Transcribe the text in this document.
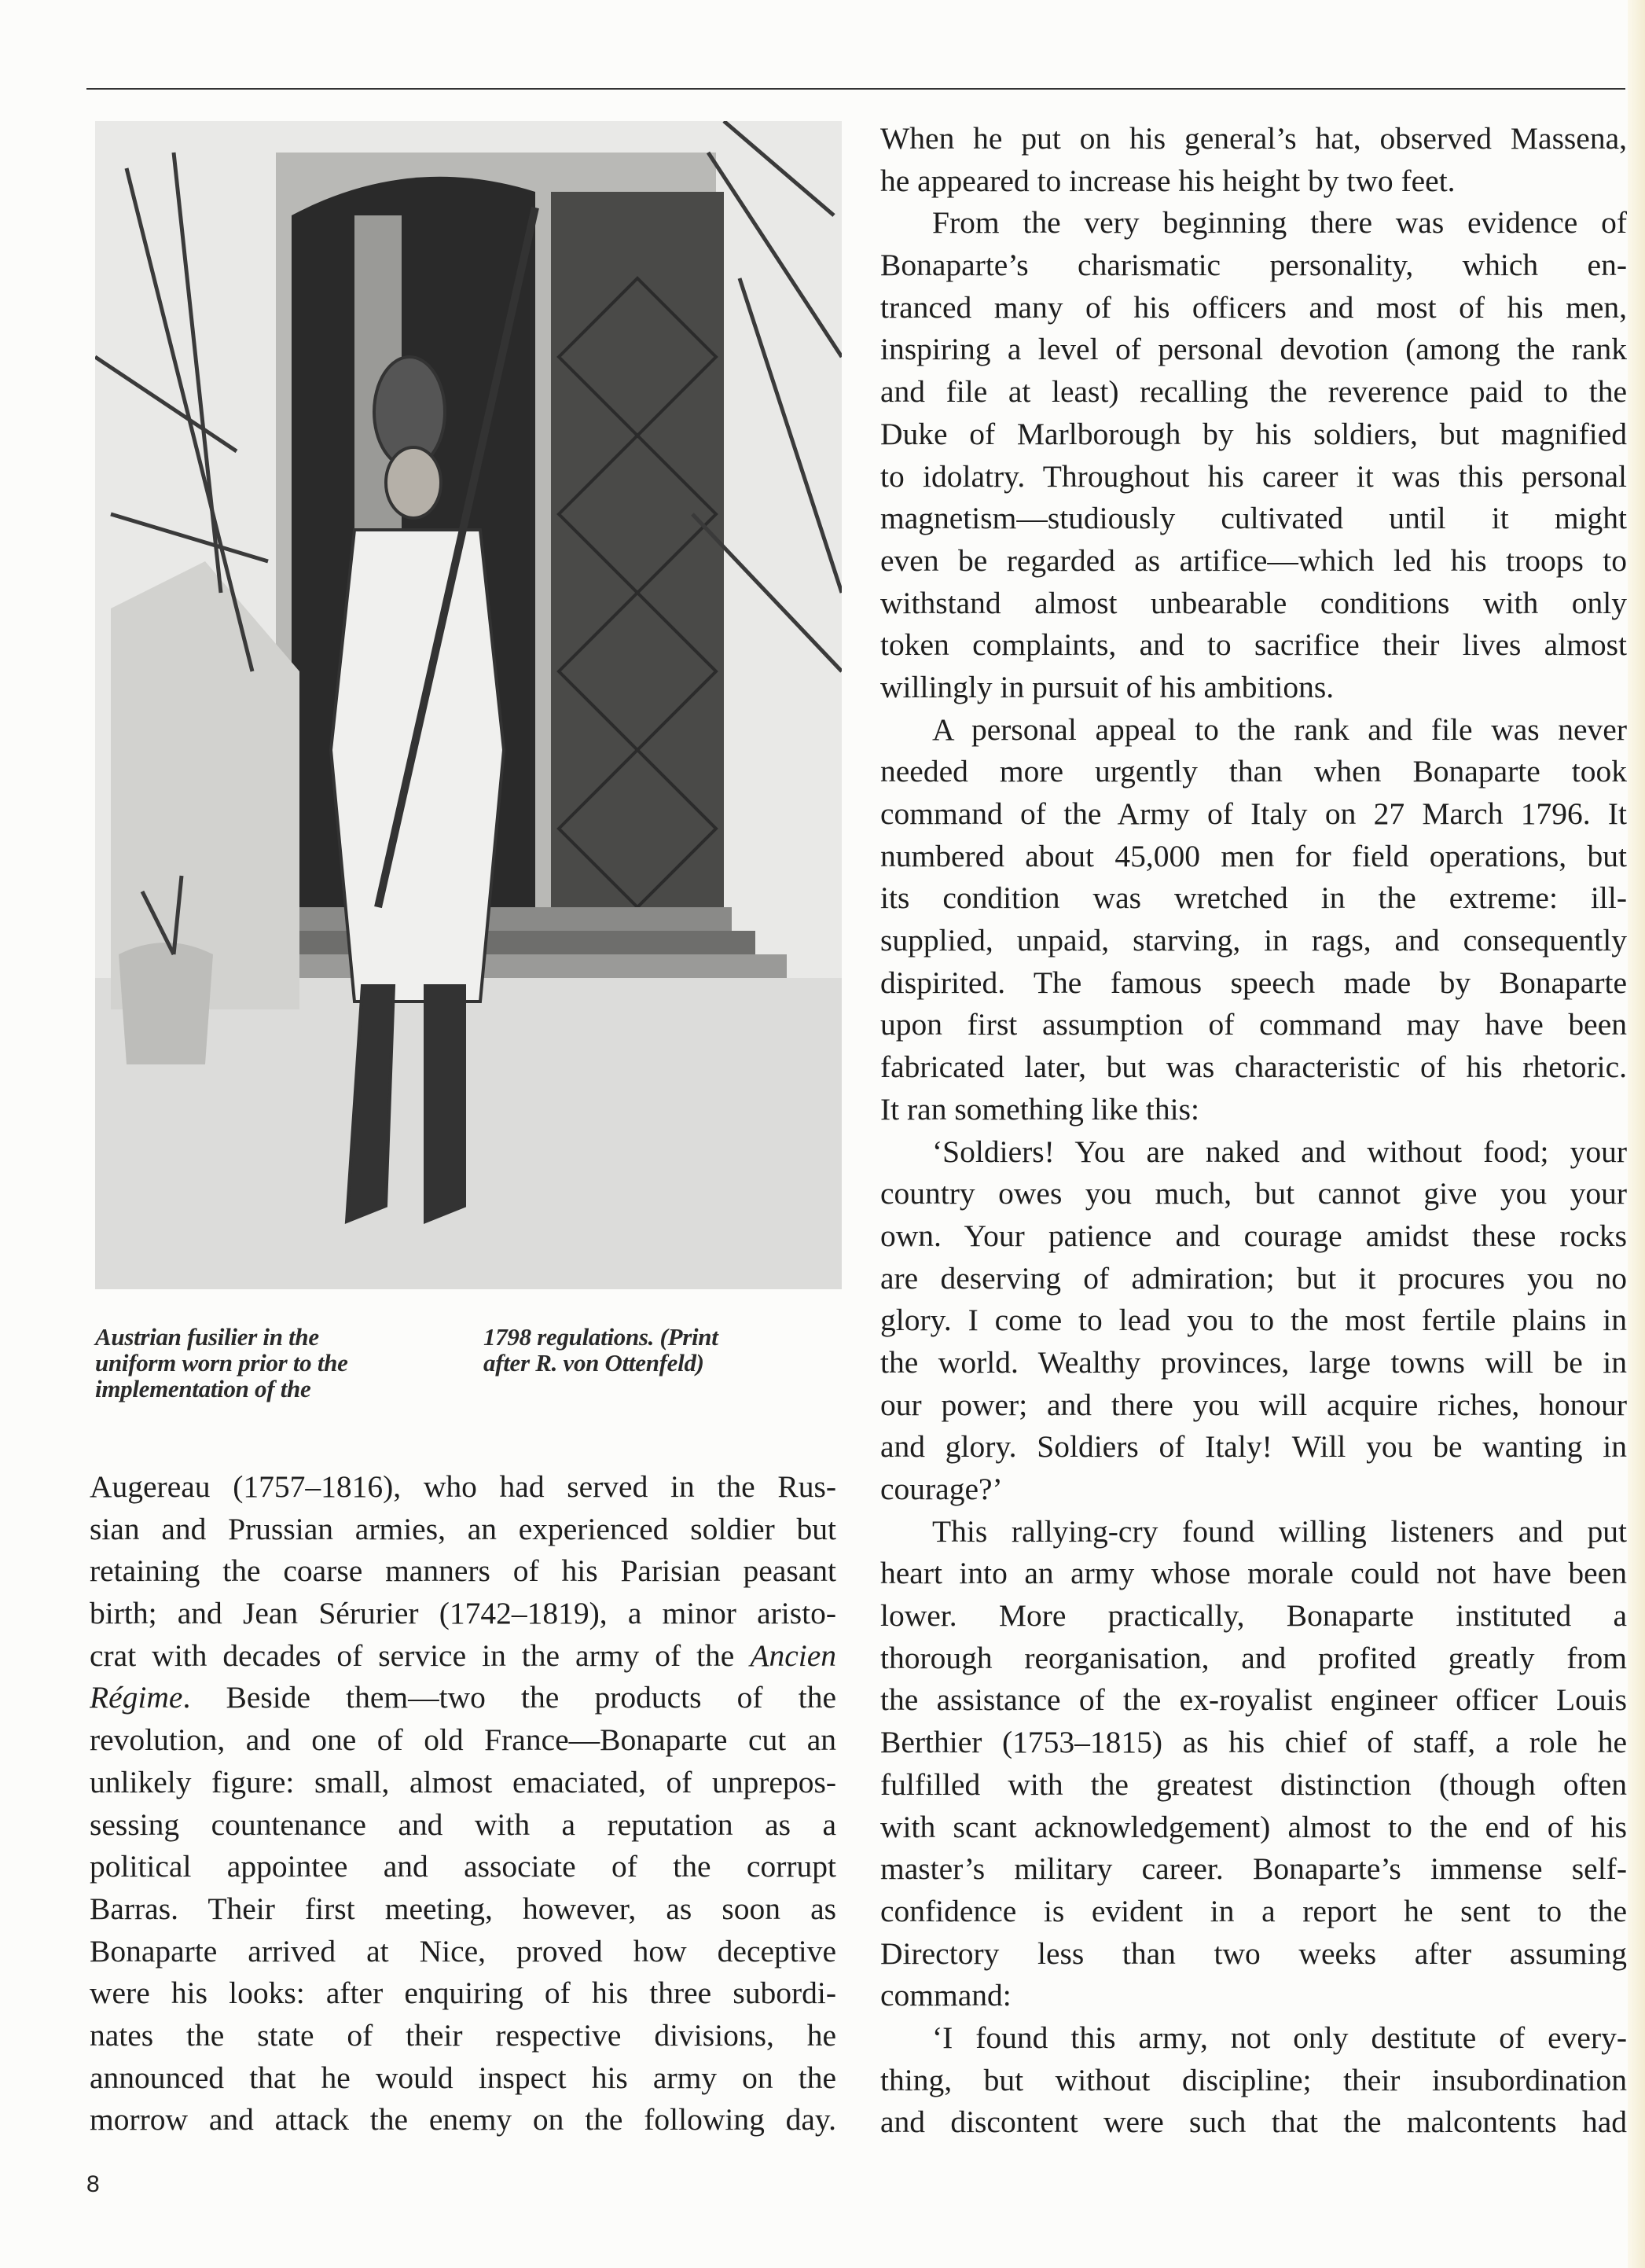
Austrian fusilier in the
uniform worn prior to the
implementation of the
1798 regulations. (Print
after R. von Ottenfeld)
Augereau (1757–1816), who had served in the Rus-
sian and Prussian armies, an experienced soldier but
retaining the coarse manners of his Parisian peasant
birth; and Jean Sérurier (1742–1819), a minor aristo-
crat with decades of service in the army of the Ancien
Régime. Beside them—two the products of the
revolution, and one of old France—Bonaparte cut an
unlikely figure: small, almost emaciated, of unprepos-
sessing countenance and with a reputation as a
political appointee and associate of the corrupt
Barras. Their first meeting, however, as soon as
Bonaparte arrived at Nice, proved how deceptive
were his looks: after enquiring of his three subordi-
nates the state of their respective divisions, he
announced that he would inspect his army on the
morrow and attack the enemy on the following day.
When he put on his general’s hat, observed Massena,
he appeared to increase his height by two feet.
From the very beginning there was evidence of
Bonaparte’s charismatic personality, which en-
tranced many of his officers and most of his men,
inspiring a level of personal devotion (among the rank
and file at least) recalling the reverence paid to the
Duke of Marlborough by his soldiers, but magnified
to idolatry. Throughout his career it was this personal
magnetism—studiously cultivated until it might
even be regarded as artifice—which led his troops to
withstand almost unbearable conditions with only
token complaints, and to sacrifice their lives almost
willingly in pursuit of his ambitions.
A personal appeal to the rank and file was never
needed more urgently than when Bonaparte took
command of the Army of Italy on 27 March 1796. It
numbered about 45,000 men for field operations, but
its condition was wretched in the extreme: ill-
supplied, unpaid, starving, in rags, and consequently
dispirited. The famous speech made by Bonaparte
upon first assumption of command may have been
fabricated later, but was characteristic of his rhetoric.
It ran something like this:
‘Soldiers! You are naked and without food; your
country owes you much, but cannot give you your
own. Your patience and courage amidst these rocks
are deserving of admiration; but it procures you no
glory. I come to lead you to the most fertile plains in
the world. Wealthy provinces, large towns will be in
our power; and there you will acquire riches, honour
and glory. Soldiers of Italy! Will you be wanting in
courage?’
This rallying-cry found willing listeners and put
heart into an army whose morale could not have been
lower. More practically, Bonaparte instituted a
thorough reorganisation, and profited greatly from
the assistance of the ex-royalist engineer officer Louis
Berthier (1753–1815) as his chief of staff, a role he
fulfilled with the greatest distinction (though often
with scant acknowledgement) almost to the end of his
master’s military career. Bonaparte’s immense self-
confidence is evident in a report he sent to the
Directory less than two weeks after assuming
command:
‘I found this army, not only destitute of every-
thing, but without discipline; their insubordination
and discontent were such that the malcontents had
8
